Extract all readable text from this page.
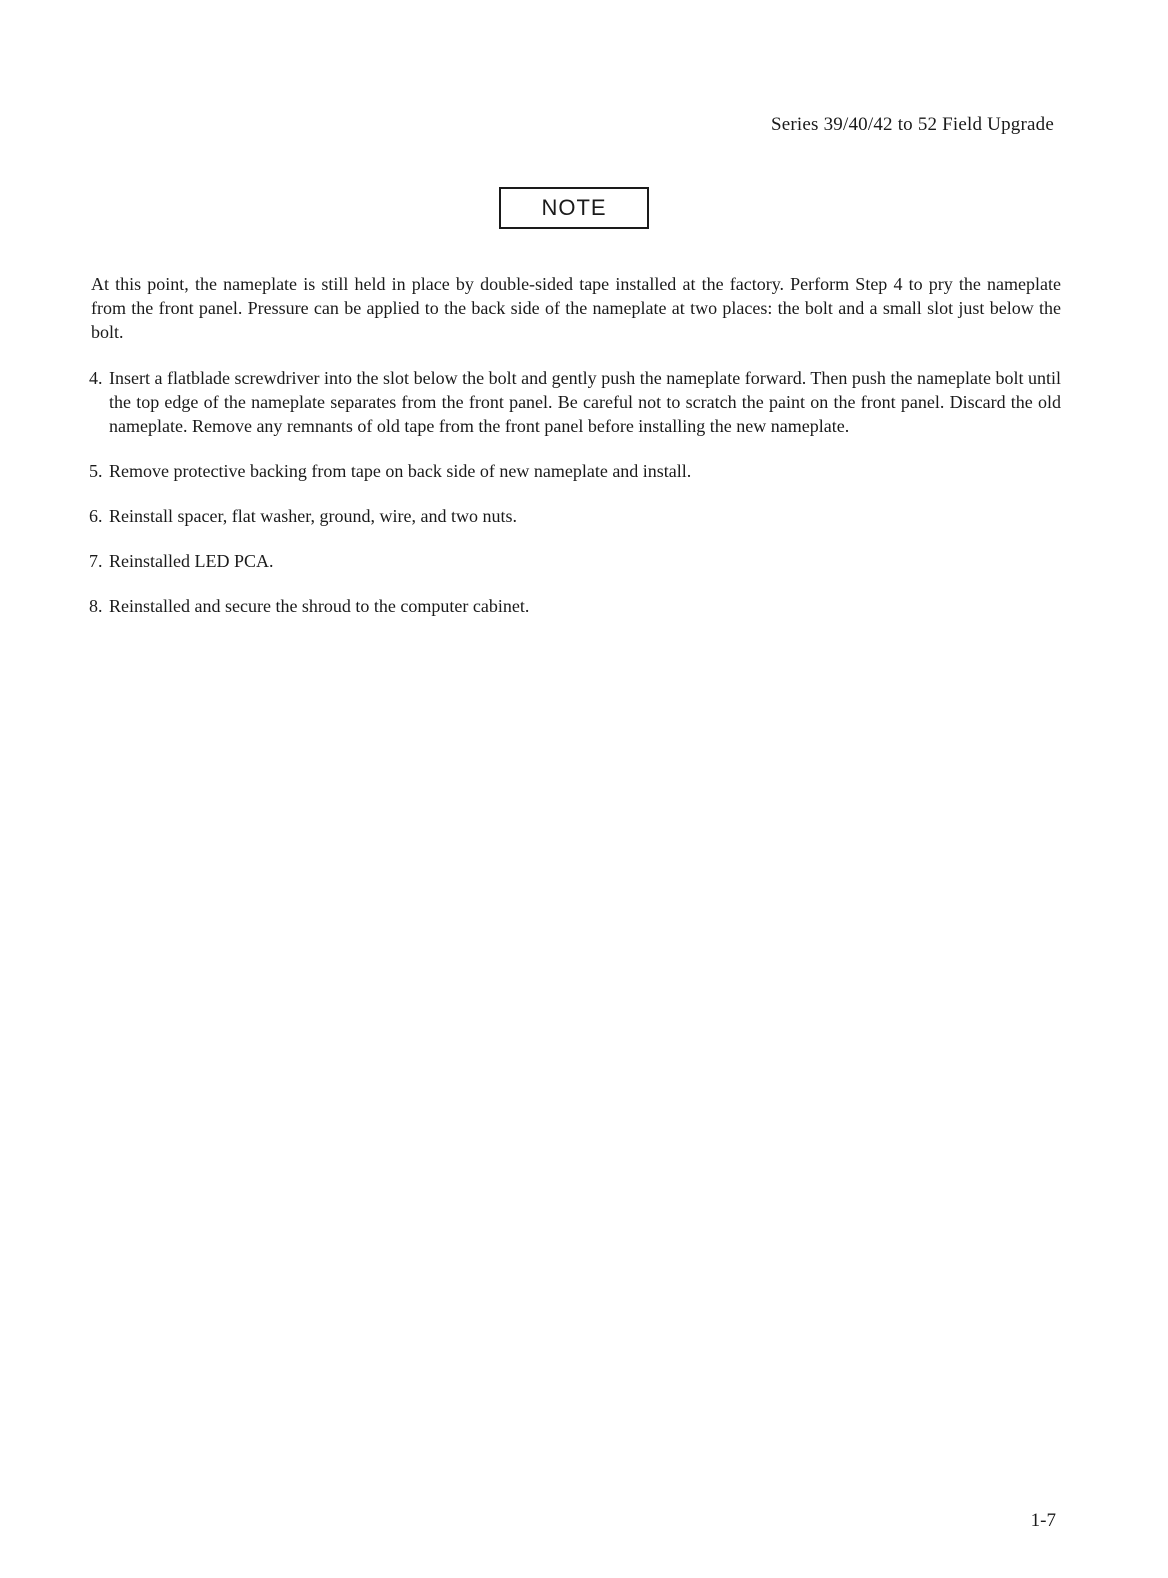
Series 39/40/42 to 52 Field Upgrade
NOTE

At this point, the nameplate is still held in place by double-sided tape installed at the factory. Perform Step 4 to pry the nameplate from the front panel. Pressure can be applied to the back side of the nameplate at two places: the bolt and a small slot just below the bolt.

4. Insert a flatblade screwdriver into the slot below the bolt and gently push the nameplate forward. Then push the nameplate bolt until the top edge of the nameplate separates from the front panel. Be careful not to scratch the paint on the front panel. Discard the old nameplate. Remove any remnants of old tape from the front panel before installing the new nameplate.
5. Remove protective backing from tape on back side of new nameplate and install.
6. Reinstall spacer, flat washer, ground, wire, and two nuts.
7. Reinstalled LED PCA.
8. Reinstalled and secure the shroud to the computer cabinet.
1-7
